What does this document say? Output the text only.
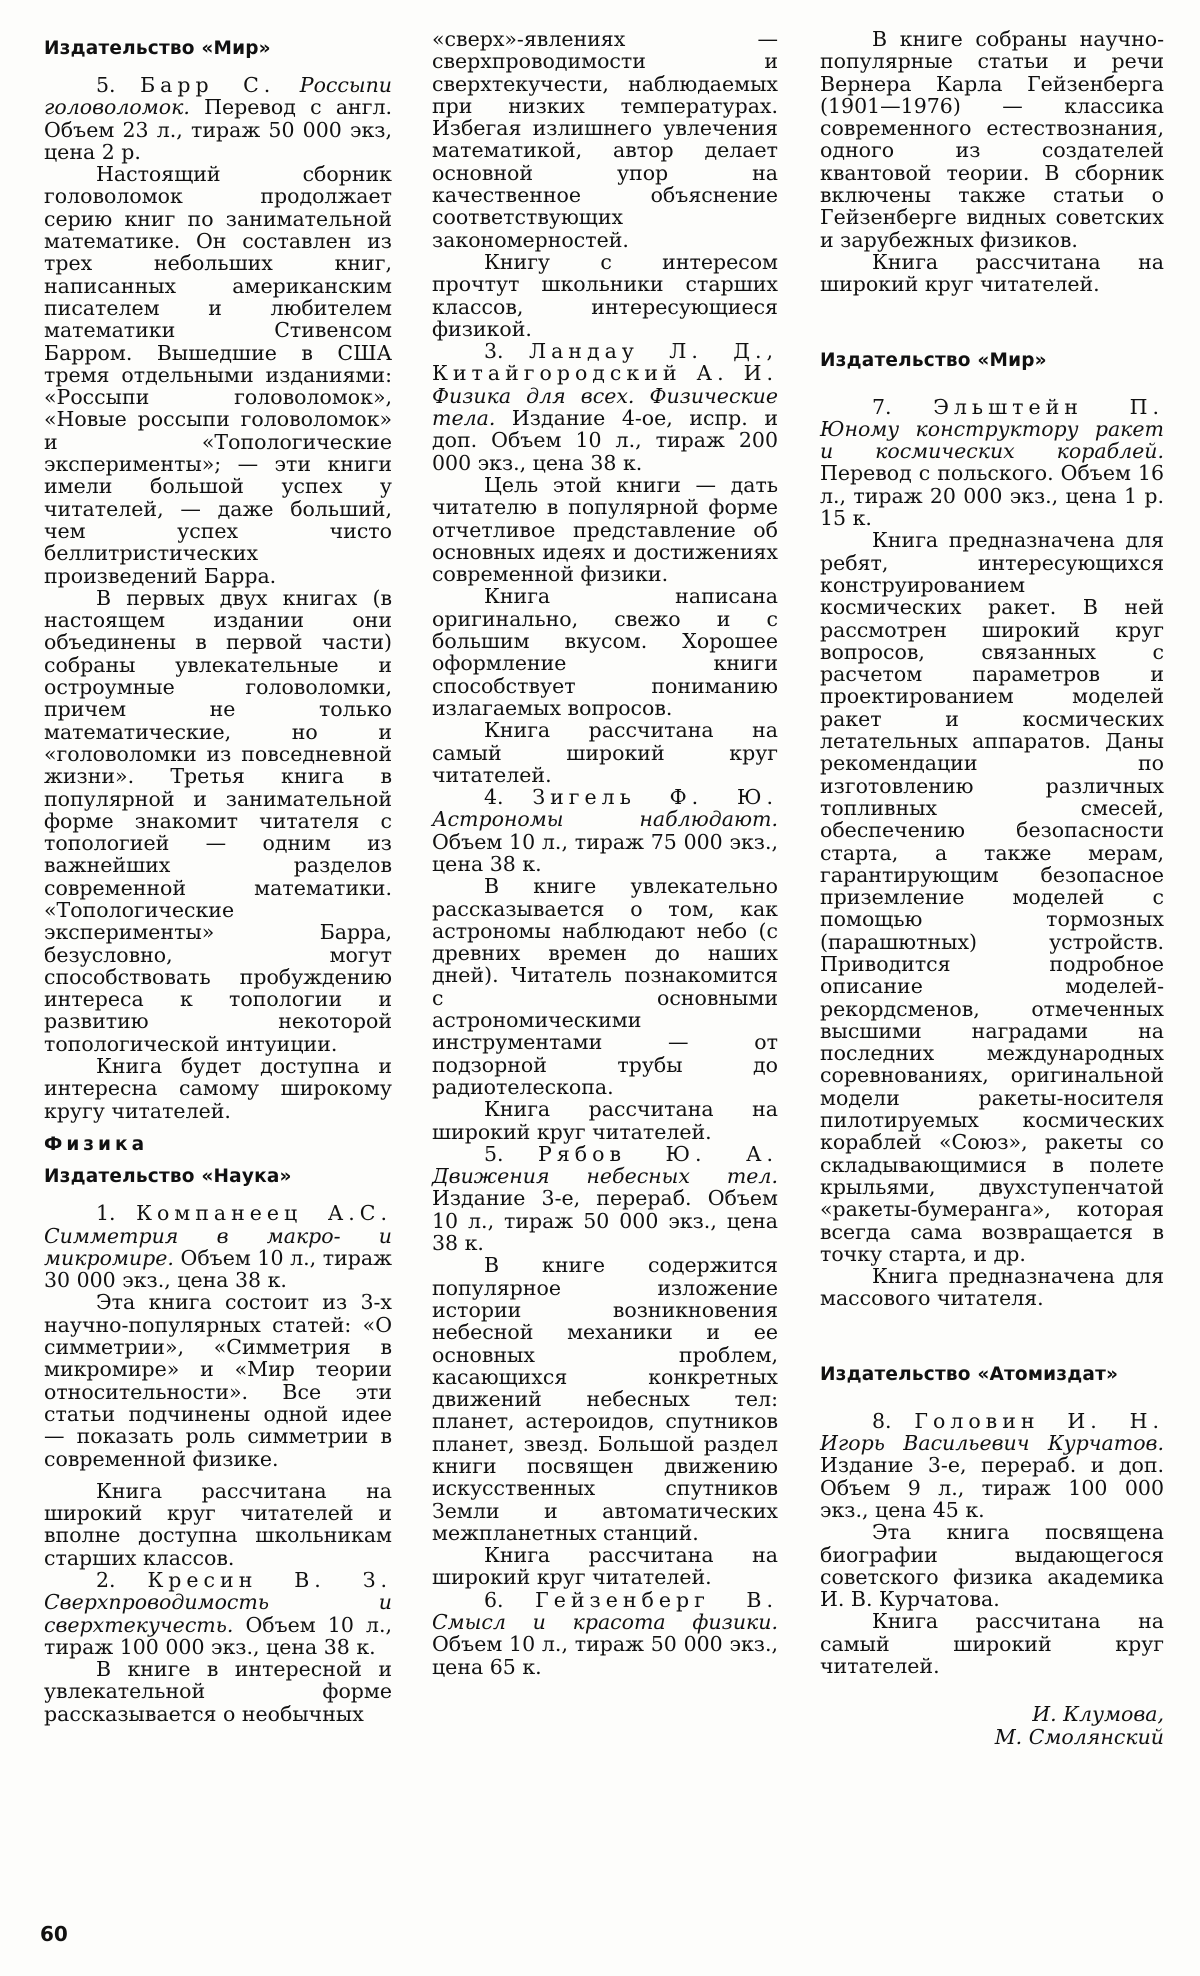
Издательство «Мир»

5. Барр С. Россыпи головоломок. Перевод с англ. Объем 23 л., тираж 50 000 экз, цена 2 р.

Настоящий сборник головоломок продолжает серию книг по занимательной математике. Он составлен из трех небольших книг, написанных американским писателем и любителем математики Стивенсом Барром. Вышедшие в США тремя отдельными изданиями: «Россыпи головоломок», «Новые россыпи головоломок» и «Топологические эксперименты»; — эти книги имели большой успех у читателей, — даже больший, чем успех чисто беллитристических произведений Барра.

В первых двух книгах (в настоящем издании они объединены в первой части) собраны увлекательные и остроумные головоломки, причем не только математические, но и «головоломки из повседневной жизни». Третья книга в популярной и занимательной форме знакомит читателя с топологией — одним из важнейших разделов современной математики. «Топологические эксперименты» Барра, безусловно, могут способствовать пробуждению интереса к топологии и развитию некоторой топологической интуиции.

Книга будет доступна и интересна самому широкому кругу читателей.

Физика
Издательство «Наука»

1. Компанеец А.С. Симметрия в макро- и микромире. Объем 10 л., тираж 30 000 экз., цена 38 к.

Эта книга состоит из 3-х научно-популярных статей: «О симметрии», «Симметрия в микромире» и «Мир теории относительности». Все эти статьи подчинены одной идее — показать роль симметрии в современной физике.

Книга рассчитана на широкий круг читателей и вполне доступна школьникам старших классов.

2. Кресин В. З. Сверхпроводимость и сверхтекучесть. Объем 10 л., тираж 100 000 экз., цена 38 к.

В книге в интересной и увлекательной форме рассказывается о необычных

«сверх»-явлениях — сверхпроводимости и сверхтекучести, наблюдаемых при низких температурах. Избегая излишнего увлечения математикой, автор делает основной упор на качественное объяснение соответствующих закономерностей.

Книгу с интересом прочтут школьники старших классов, интересующиеся физикой.

3. Ландау Л. Д., Китайгородский А. И. Физика для всех. Физические тела. Издание 4-ое, испр. и доп. Объем 10 л., тираж 200 000 экз., цена 38 к.

Цель этой книги — дать читателю в популярной форме отчетливое представление об основных идеях и достижениях современной физики.

Книга написана оригинально, свежо и с большим вкусом. Хорошее оформление книги способствует пониманию излагаемых вопросов.

Книга рассчитана на самый широкий круг читателей.

4. Зигель Ф. Ю. Астрономы наблюдают. Объем 10 л., тираж 75 000 экз., цена 38 к.

В книге увлекательно рассказывается о том, как астрономы наблюдают небо (с древних времен до наших дней). Читатель познакомится с основными астрономическими инструментами — от подзорной трубы до радиотелескопа.

Книга рассчитана на широкий круг читателей.

5. Рябов Ю. А. Движения небесных тел. Издание 3-е, перераб. Объем 10 л., тираж 50 000 экз., цена 38 к.

В книге содержится популярное изложение истории возникновения небесной механики и ее основных проблем, касающихся конкретных движений небесных тел: планет, астероидов, спутников планет, звезд. Большой раздел книги посвящен движению искусственных спутников Земли и автоматических межпланетных станций.

Книга рассчитана на широкий круг читателей.

6. Гейзенберг В. Смысл и красота физики. Объем 10 л., тираж 50 000 экз., цена 65 к.

В книге собраны научно-популярные статьи и речи Вернера Карла Гейзенберга (1901—1976) — классика современного естествознания, одного из создателей квантовой теории. В сборник включены также статьи о Гейзенберге видных советских и зарубежных физиков.

Книга рассчитана на широкий круг читателей.

Издательство «Мир»

7. Эльштейн П. Юному конструктору ракет и космических кораблей. Перевод с польского. Объем 16 л., тираж 20 000 экз., цена 1 р. 15 к.

Книга предназначена для ребят, интересующихся конструированием космических ракет. В ней рассмотрен широкий круг вопросов, связанных с расчетом параметров и проектированием моделей ракет и космических летательных аппаратов. Даны рекомендации по изготовлению различных топливных смесей, обеспечению безопасности старта, а также мерам, гарантирующим безопасное приземление моделей с помощью тормозных (парашютных) устройств. Приводится подробное описание моделей-рекордсменов, отмеченных высшими наградами на последних международных соревнованиях, оригинальной модели ракеты-носителя пилотируемых космических кораблей «Союз», ракеты со складывающимися в полете крыльями, двухступенчатой «ракеты-бумеранга», которая всегда сама возвращается в точку старта, и др.

Книга предназначена для массового читателя.

Издательство «Атомиздат»

8. Головин И. Н. Игорь Васильевич Курчатов. Издание 3-е, перераб. и доп. Объем 9 л., тираж 100 000 экз., цена 45 к.

Эта книга посвящена биографии выдающегося советского физика академика И. В. Курчатова.

Книга рассчитана на самый широкий круг читателей.

И. Клумова,
М. Смолянский
60
